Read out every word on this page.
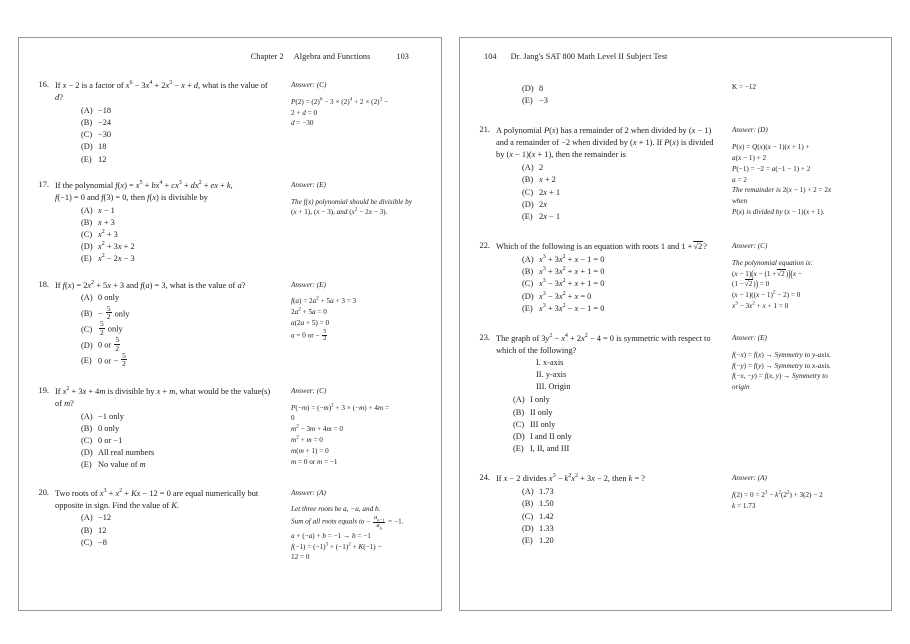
Chapter 2 Algebra and Functions	103
16. If x − 2 is a factor of $x^6 - 3x^4 + 2x^3 - x + d$, what is the value of d?
(A) −18
(B) −24
(C) −30
(D) 18
(E) 12
Answer: (C)
$P(2) = (2)^6 - 3 \times (2)^4 + 2 \times (2)^3$ −
2 + d = 0
d = −30
17. If the polynomial $f(x) = x^5 + bx^4 + cx^3 + dx^2$ + ex + k,
f(−1) = 0 and f(3) = 0, then f(x) is divisible by
(A) x − 1
(B) x + 3
(C) $x^2 + 3$
(D) $x^2 + 3x + 2$
(E) $x^2 - 2x - 3$
Answer: (E)
The f(x) polynomial should be divisible by
(x + 1), (x − 3), and $(x^2 - 2x - 3)$.
18. If $f(x) = 2x^2 + 5x + 3$ and f(a) = 3, what is the value of a?
(A) 0 only
$(B) - \frac{5}{2}$ only
$(C) \frac{5}{2}$ only
(D) 0 or $\frac{5}{2}$
(E) 0 or − $\frac{5}{2}$
Answer: (E)
$f(a) = 2a^2 + 5a + 3 = 3$
$2a^2 + 5a = 0$
a(2a + 5) = 0
a = 0 or − $\frac{5}{2}$
19. If $x^2 + 3x + 4m$ is divisible by x + m, what would be the value(s) of m?
(A) −1 only
(B) 0 only
(C) 0 or −1
(D) All real numbers
(E) No value of m
Answer: (C)
$P(-m) = (-m)^2 + 3 \times (-m) + 4m$ =
0
$m^2 - 3m + 4m = 0$
$m^2 + m = 0$
m(m + 1) = 0
m = 0 or m = −1
20. Two roots of $x^3 + x^2 + Kx - 12 = 0$ are equal numerically but opposite in sign. Find the value of K.
(A) −12
(B) 12
(C) −8
Answer: (A)
Let three roots be a, −a, and b.
Sum of all roots equals to − $\frac{a_{n-1}}{a_n} = -1$.
a + (−a) + b = −1 → b = −1
$f(-1) = (-1)^3 + (-1)^2 + K(-1)$ −
12 = 0
104 Dr. Jang's SAT 800 Math Level II Subject Test
(D) 8
(E) −3
K = −12
21. A polynomial P(x) has a remainder of 2 when divided by (x − 1) and a remainder of −2 when divided by (x + 1). If P(x) is divided by (x − 1)(x + 1), then the remainder is
(A) 2
(B) x + 2
(C) 2x + 1
(D) 2x
(E) 2x − 1
Answer: (D)
P(x) = Q(x)(x − 1)(x + 1) +
a(x − 1) + 2
P(−1) = −2 = a(−1 − 1) + 2
a = 2
The remainder is 2(x − 1) + 2 = 2x
when
P(x) is divided by (x − 1)(x + 1).
22. Which of the following is an equation with roots 1 and 1 + √2?
(A) $x^3 + 3x^2 + x - 1 = 0$
(B) $x^3 + 3x^2 + x + 1 = 0$
(C) $x^3 - 3x^2 + x + 1 = 0$
(D) $x^3 - 3x^2 + x = 0$
(E) $x^3 + 3x^2 - x - 1 = 0$
Answer: (C)
The polynomial equation is:
(x − 1)(x − (1 + √2))(x −
(1 − √2)) = 0
$(x - 1)((x - 1)^2 - 2) = 0$
$x^3 - 3x^2 + x + 1 = 0$
23. The graph of $3y^2 - x^4 + 2x^2 - 4 = 0$ is symmetric with respect to which of the following?
I. x-axis
II. y-axis
III. Origin
(A) I only
(B) II only
(C) III only
(D) I and II only
(E) I, II, and III
Answer: (E)
f(−x) = f(x) → Symmetry to y-axis.
f(−y) = f(y) → Symmetry to x-axis.
f(−x, −y) = f(x, y) → Symmetry to
origin
24. If x − 2 divides $x^3 - k^2x^2 + 3x - 2$, then k = ?
(A) 1.73
(B) 1.50
(C) 1.42
(D) 1.33
(E) 1.20
Answer: (A)
$f(2) = 0 = 2^3 - k^2(2^2) + 3(2) - 2$
k = 1.73
